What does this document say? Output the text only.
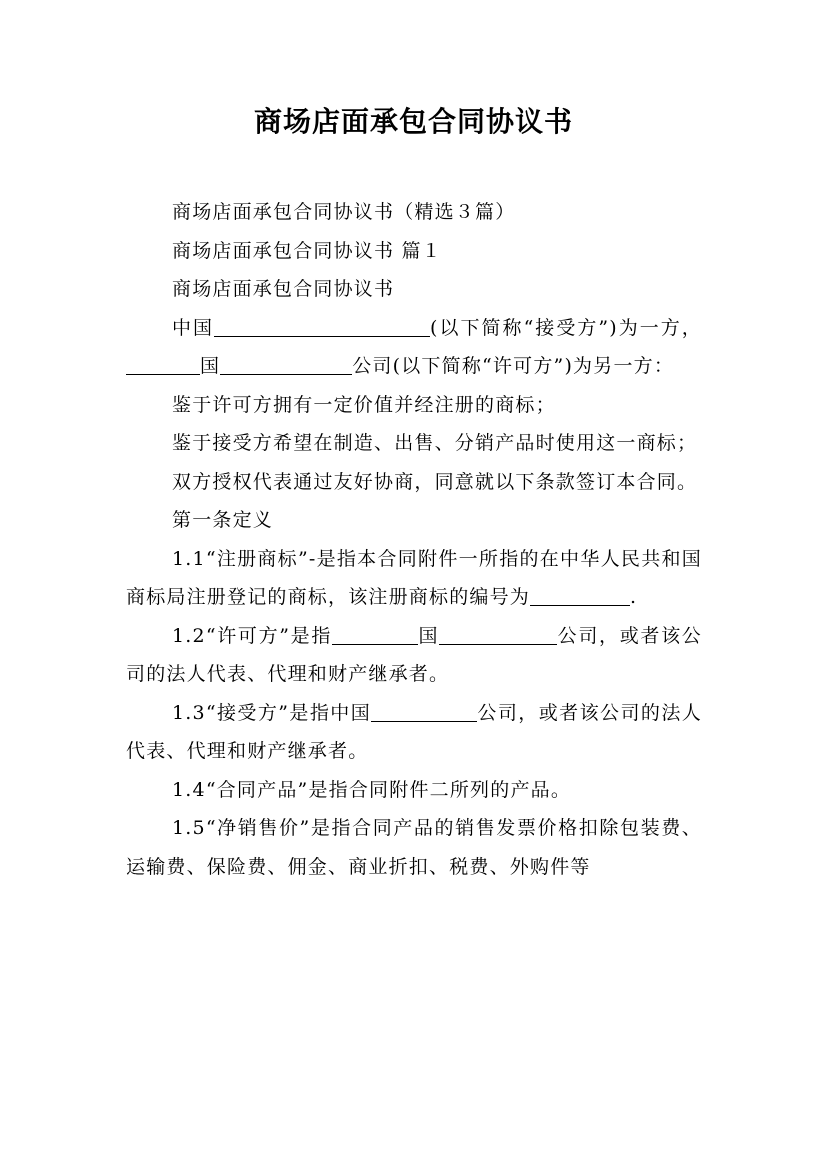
商场店面承包合同协议书

商场店面承包合同协议书（精选３篇）

商场店面承包合同协议书 篇１

商场店面承包合同协议书

中国	(以下简称“接受方”)为一方，国	公司(以下简称“许可方”)为另一方：

鉴于许可方拥有一定价值并经注册的商标；

鉴于接受方希望在制造、出售、分销产品时使用这一商标；

双方授权代表通过友好协商，同意就以下条款签订本合同。

第一条定义

1.1“注册商标”-是指本合同附件一所指的在中华人民共和国商标局注册登记的商标，该注册商标的编号为	.

1.2“许可方”是指	国	公司，或者该公司的法人代表、代理和财产继承者。

1.3“接受方”是指中国	公司，或者该公司的法人代表、代理和财产继承者。

1.4“合同产品”是指合同附件二所列的产品。

1.5“净销售价”是指合同产品的销售发票价格扣除包装费、运输费、保险费、佣金、商业折扣、税费、外购件等
